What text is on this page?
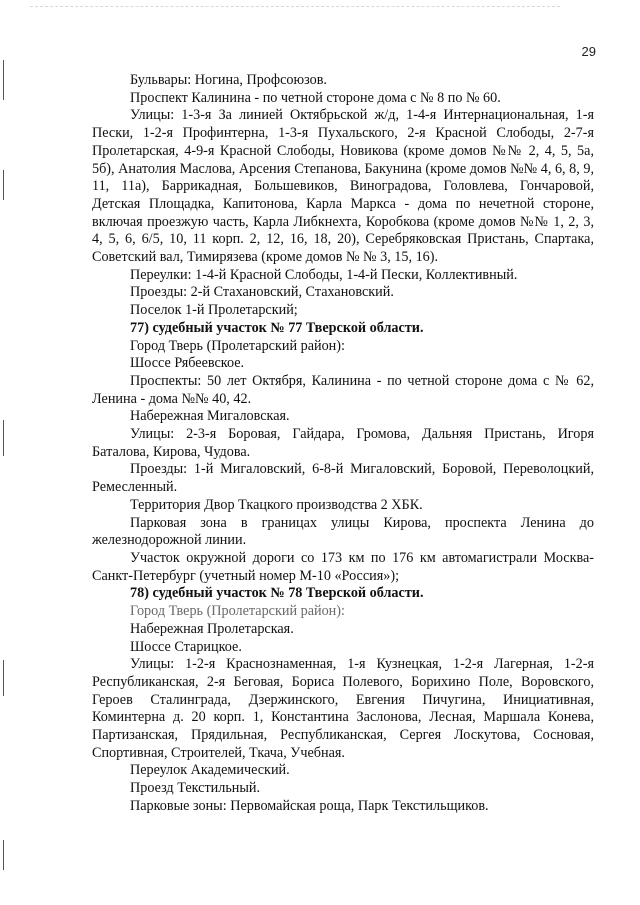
29

Бульвары: Ногина, Профсоюзов.

Проспект Калинина - по четной стороне дома с № 8 по № 60.

Улицы: 1-3-я За линией Октябрьской ж/д, 1-4-я Интернациональная, 1-я Пески, 1-2-я Профинтерна, 1-3-я Пухальского, 2-я Красной Слободы, 2-7-я Пролетарская, 4-9-я Красной Слободы, Новикова (кроме домов №№ 2, 4, 5, 5а, 5б), Анатолия Маслова, Арсения Степанова, Бакунина (кроме домов №№ 4, 6, 8, 9, 11, 11а), Баррикадная, Большевиков, Виноградова, Головлева, Гончаровой, Детская Площадка, Капитонова, Карла Маркса - дома по нечетной стороне, включая проезжую часть, Карла Либкнехта, Коробкова (кроме домов №№ 1, 2, 3, 4, 5, 6, 6/5, 10, 11 корп. 2, 12, 16, 18, 20), Серебряковская Пристань, Спартака, Советский вал, Тимирязева (кроме домов № № 3, 15, 16).

Переулки: 1-4-й Красной Слободы, 1-4-й Пески, Коллективный.

Проезды: 2-й Стахановский, Стахановский.

Поселок 1-й Пролетарский;

77) судебный участок № 77 Тверской области.

Город Тверь (Пролетарский район):

Шоссе Рябеевское.

Проспекты: 50 лет Октября, Калинина - по четной стороне дома с № 62, Ленина - дома №№ 40, 42.

Набережная Мигаловская.

Улицы: 2-3-я Боровая, Гайдара, Громова, Дальняя Пристань, Игоря Баталова, Кирова, Чудова.

Проезды: 1-й Мигаловский, 6-8-й Мигаловский, Боровой, Переволоцкий, Ремесленный.

Территория Двор Ткацкого производства 2 ХБК.

Парковая зона в границах улицы Кирова, проспекта Ленина до железнодорожной линии.

Участок окружной дороги со 173 км по 176 км автомагистрали Москва-Санкт-Петербург (учетный номер М-10 «Россия»);

78) судебный участок № 78 Тверской области.

Город Тверь (Пролетарский район):

Набережная Пролетарская.

Шоссе Старицкое.

Улицы: 1-2-я Краснознаменная, 1-я Кузнецкая, 1-2-я Лагерная, 1-2-я Республиканская, 2-я Беговая, Бориса Полевого, Борихино Поле, Воровского, Героев Сталинграда, Дзержинского, Евгения Пичугина, Инициативная, Коминтерна д. 20 корп. 1, Константина Заслонова, Лесная, Маршала Конева, Партизанская, Прядильная, Республиканская, Сергея Лоскутова, Сосновая, Спортивная, Строителей, Ткача, Учебная.

Переулок Академический.

Проезд Текстильный.

Парковые зоны: Первомайская роща, Парк Текстильщиков.
